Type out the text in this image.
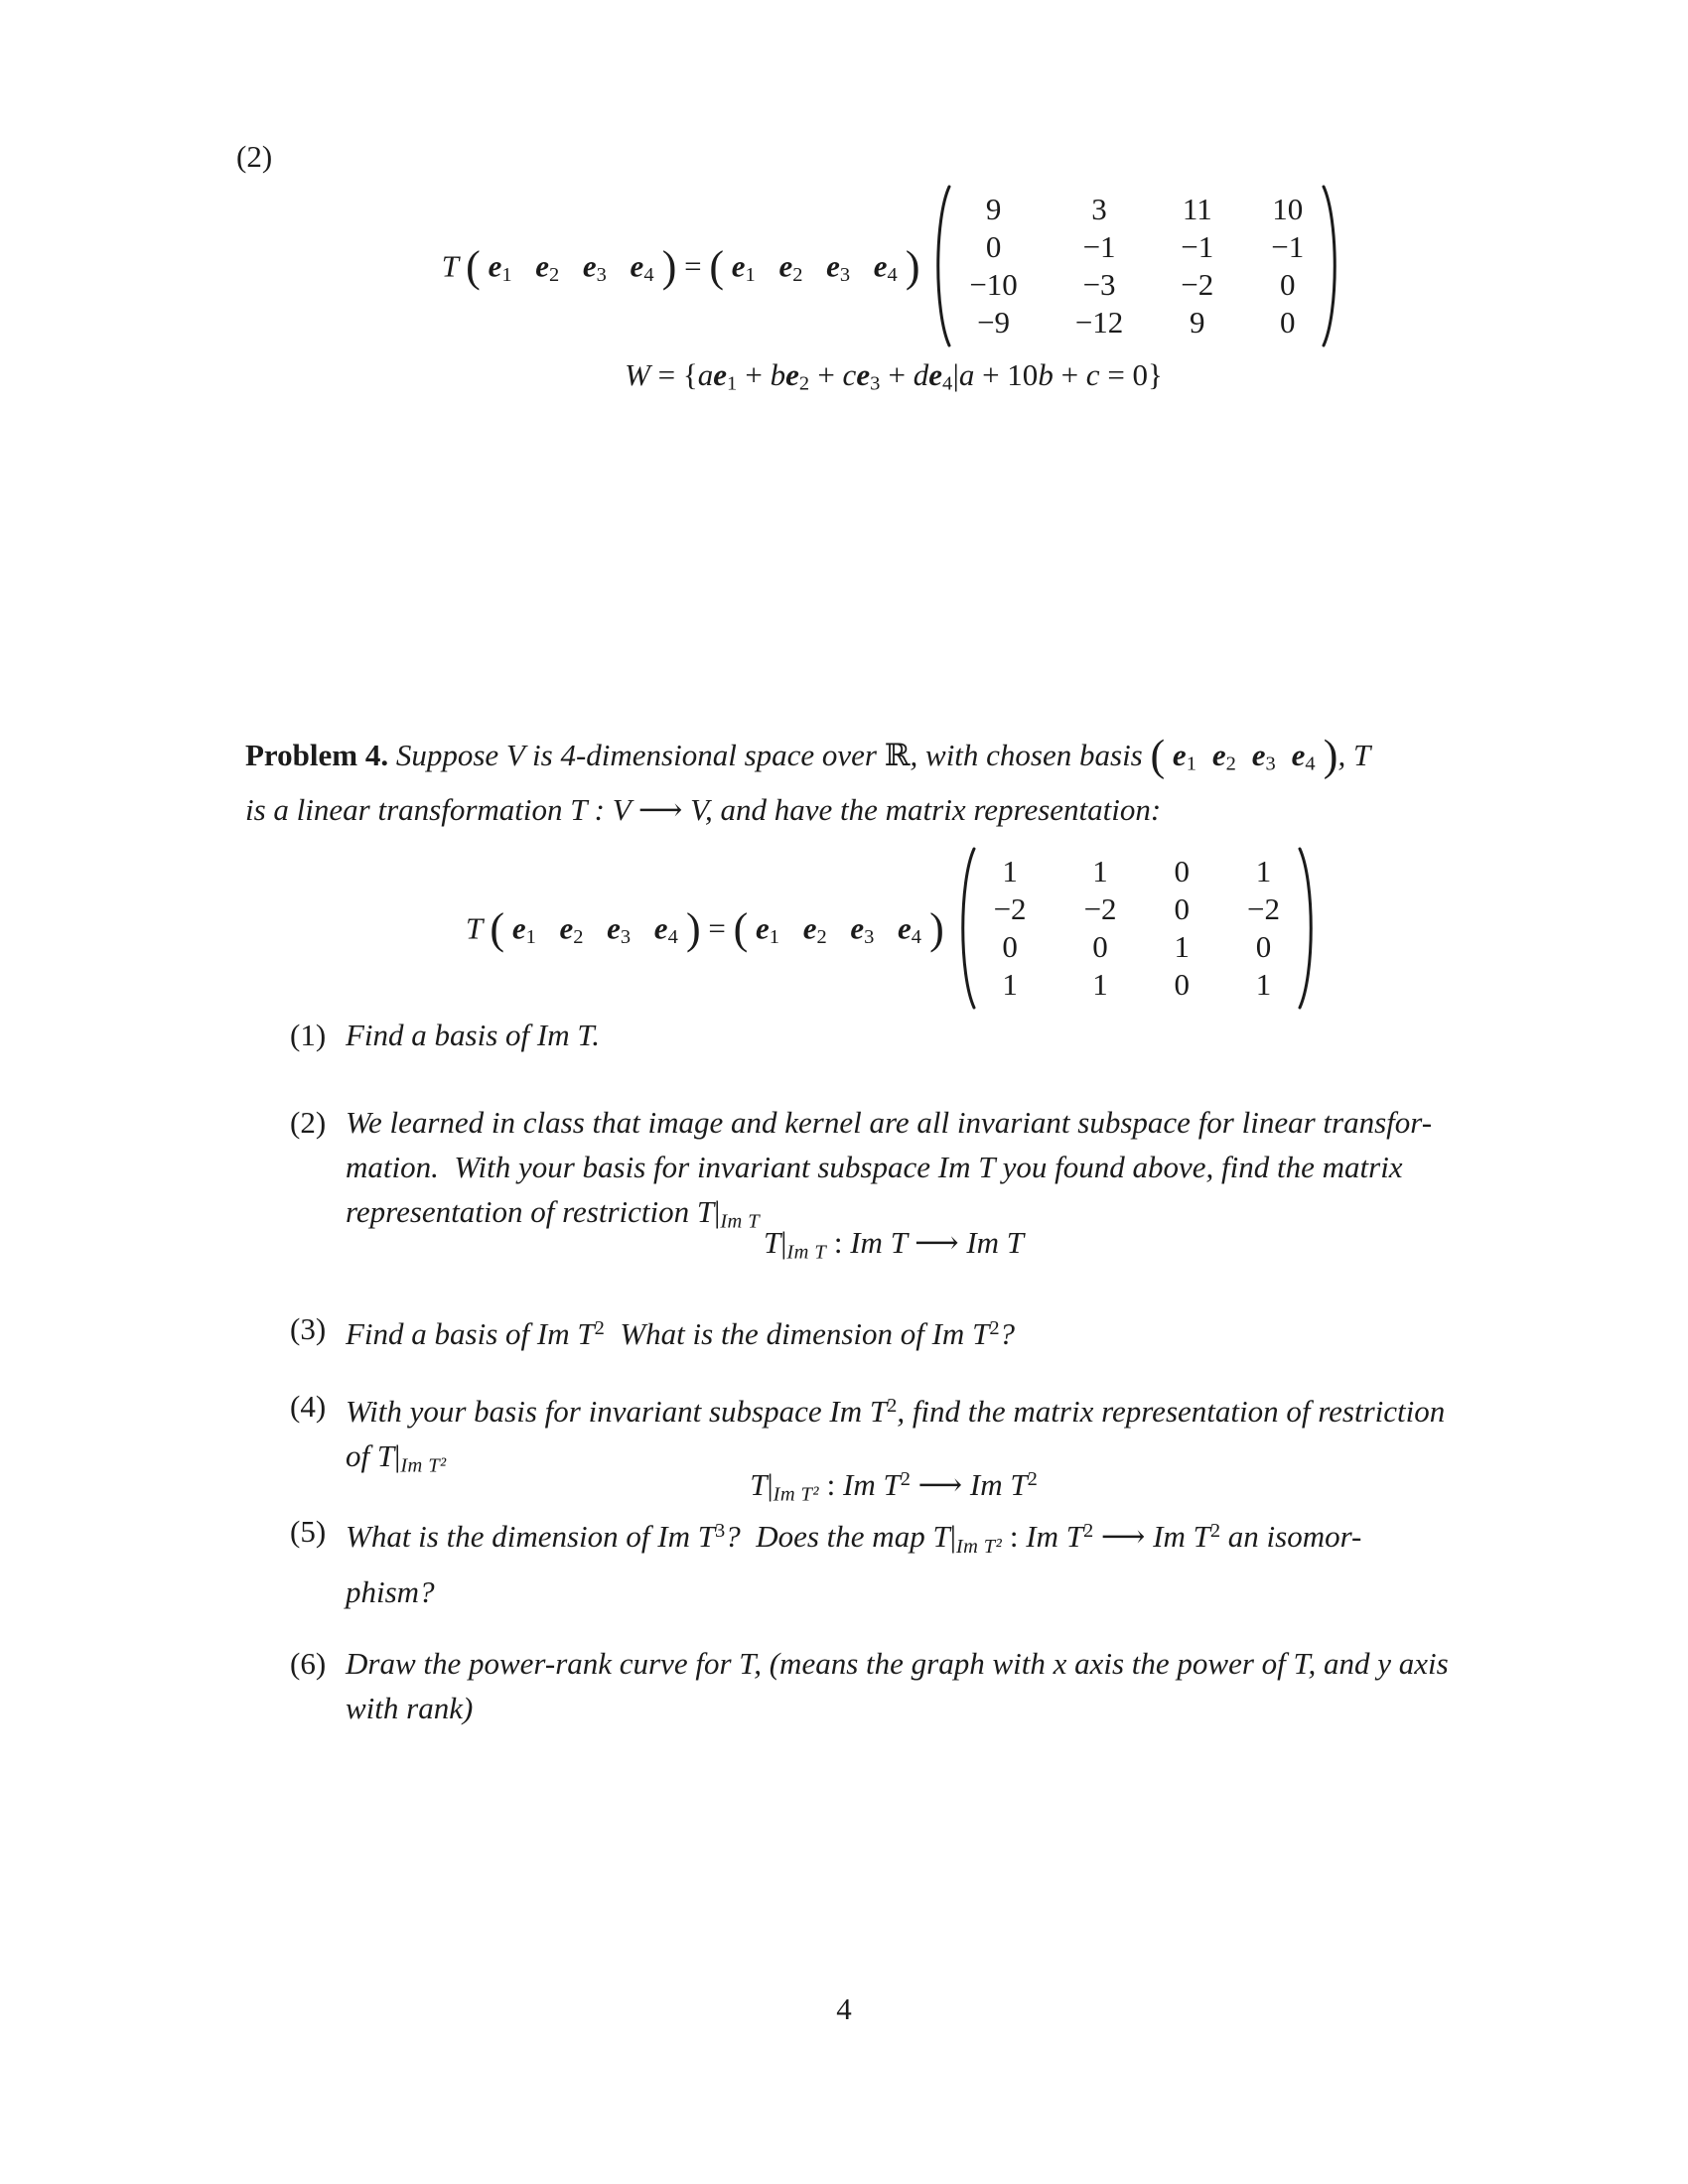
(2)
T ( e1 e2 e3 e4 ) = ( e1 e2 e3 e4 )
9	3	11 10
0	−1 −1 −1
−10 −3 −2 0
−9 −12 9 0
W = {ae1 + be2 + ce3 + de4|a + 10b + c = 0}
Problem 4. Suppose V is 4-dimensional space over ℝ, with chosen basis ( e1 e2 e3 e4 ), T
is a linear transformation T : V ⟶ V, and have the matrix representation:
T ( e1 e2 e3 e4 ) = ( e1 e2 e3 e4 )
1 1 0 1
−2 −2 0 −2
0 0 1 0
1 1 0 1
(1) Find a basis of Im T.
(2) We learned in class that image and kernel are all invariant subspace for linear transfor-
mation.  With your basis for invariant subspace Im T you found above, find the matrix
representation of restriction T|Im T
T|Im T : Im T ⟶ Im T
(3) Find a basis of Im $T^2$  What is the dimension of Im $T^2$?
(4) With your basis for invariant subspace Im $T^2$, find the matrix representation of restriction
of T|Im T²
T|Im T² : Im $T^2$ ⟶ Im $T^2$
(5) What is the dimension of Im $T^3$?  Does the map T|Im T² : Im $T^2$ ⟶ Im $T^2$ an isomor-
phism?
(6) Draw the power-rank curve for T, (means the graph with x axis the power of T, and y axis
with rank)
4
